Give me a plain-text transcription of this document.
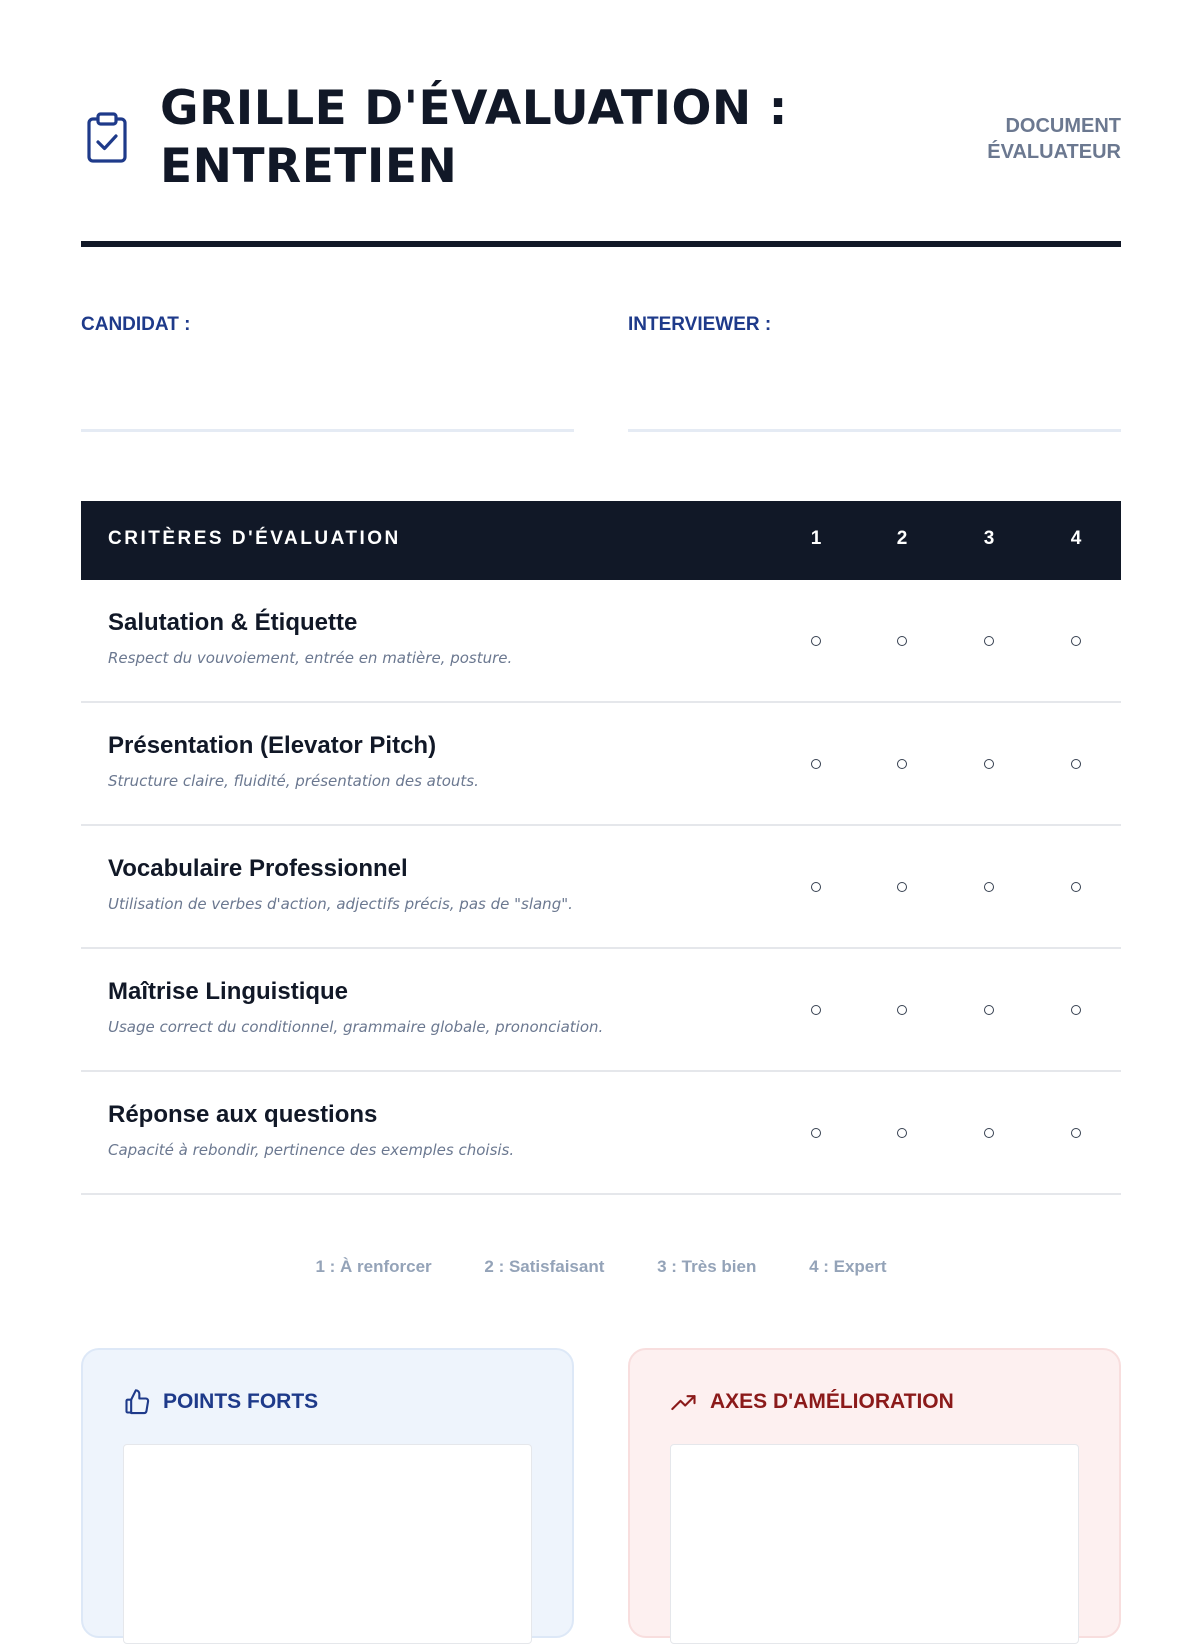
GRILLE D'ÉVALUATION : ENTRETIEN
DOCUMENT
ÉVALUATEUR
CANDIDAT :	INTERVIEWER :
CRITÈRES D'ÉVALUATION	1	2	3	4
Salutation & Étiquette
Respect du vouvoiement, entrée en matière, posture.
Présentation (Elevator Pitch)
Structure claire, fluidité, présentation des atouts.
Vocabulaire Professionnel
Utilisation de verbes d'action, adjectifs précis, pas de "slang".
Maîtrise Linguistique
Usage correct du conditionnel, grammaire globale, prononciation.
Réponse aux questions
Capacité à rebondir, pertinence des exemples choisis.
1 : À renforcer	2 : Satisfaisant	3 : Très bien	4 : Expert
POINTS FORTS	AXES D'AMÉLIORATION
